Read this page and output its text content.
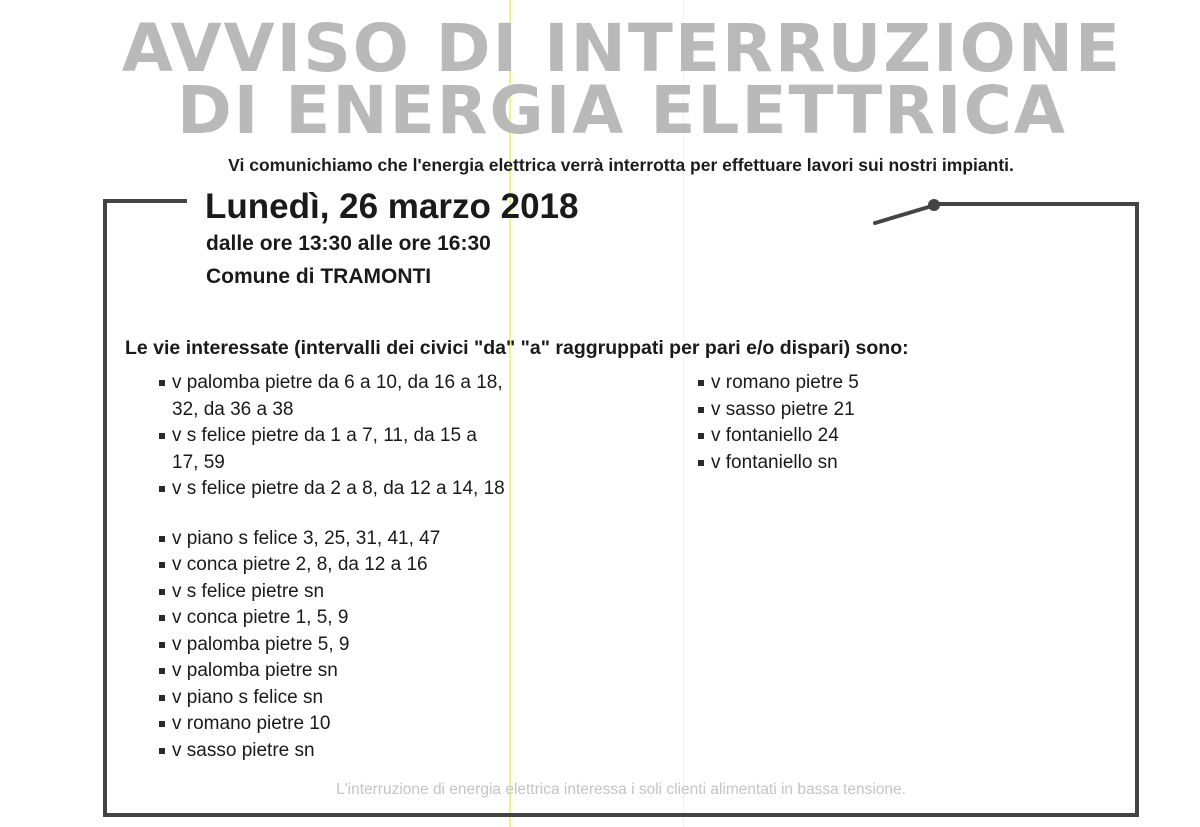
AVVISO DI INTERRUZIONE
DI ENERGIA ELETTRICA
Vi comunichiamo che l'energia elettrica verrà interrotta per effettuare lavori sui nostri impianti.
Lunedì, 26 marzo 2018
dalle ore 13:30 alle ore 16:30
Comune di TRAMONTI
Le vie interessate (intervalli dei civici "da" "a" raggruppati per pari e/o dispari) sono:
v palomba pietre da 6 a 10, da 16 a 18,
32, da 36 a 38
v s felice pietre da 1 a 7, 11, da 15 a
17, 59
v s felice pietre da 2 a 8, da 12 a 14, 18
v piano s felice 3, 25, 31, 41, 47
v conca pietre 2, 8, da 12 a 16
v s felice pietre sn
v conca pietre 1, 5, 9
v palomba pietre 5, 9
v palomba pietre sn
v piano s felice sn
v romano pietre 10
v sasso pietre sn
v romano pietre 5
v sasso pietre 21
v fontaniello 24
v fontaniello sn
L'interruzione di energia elettrica interessa i soli clienti alimentati in bassa tensione.
